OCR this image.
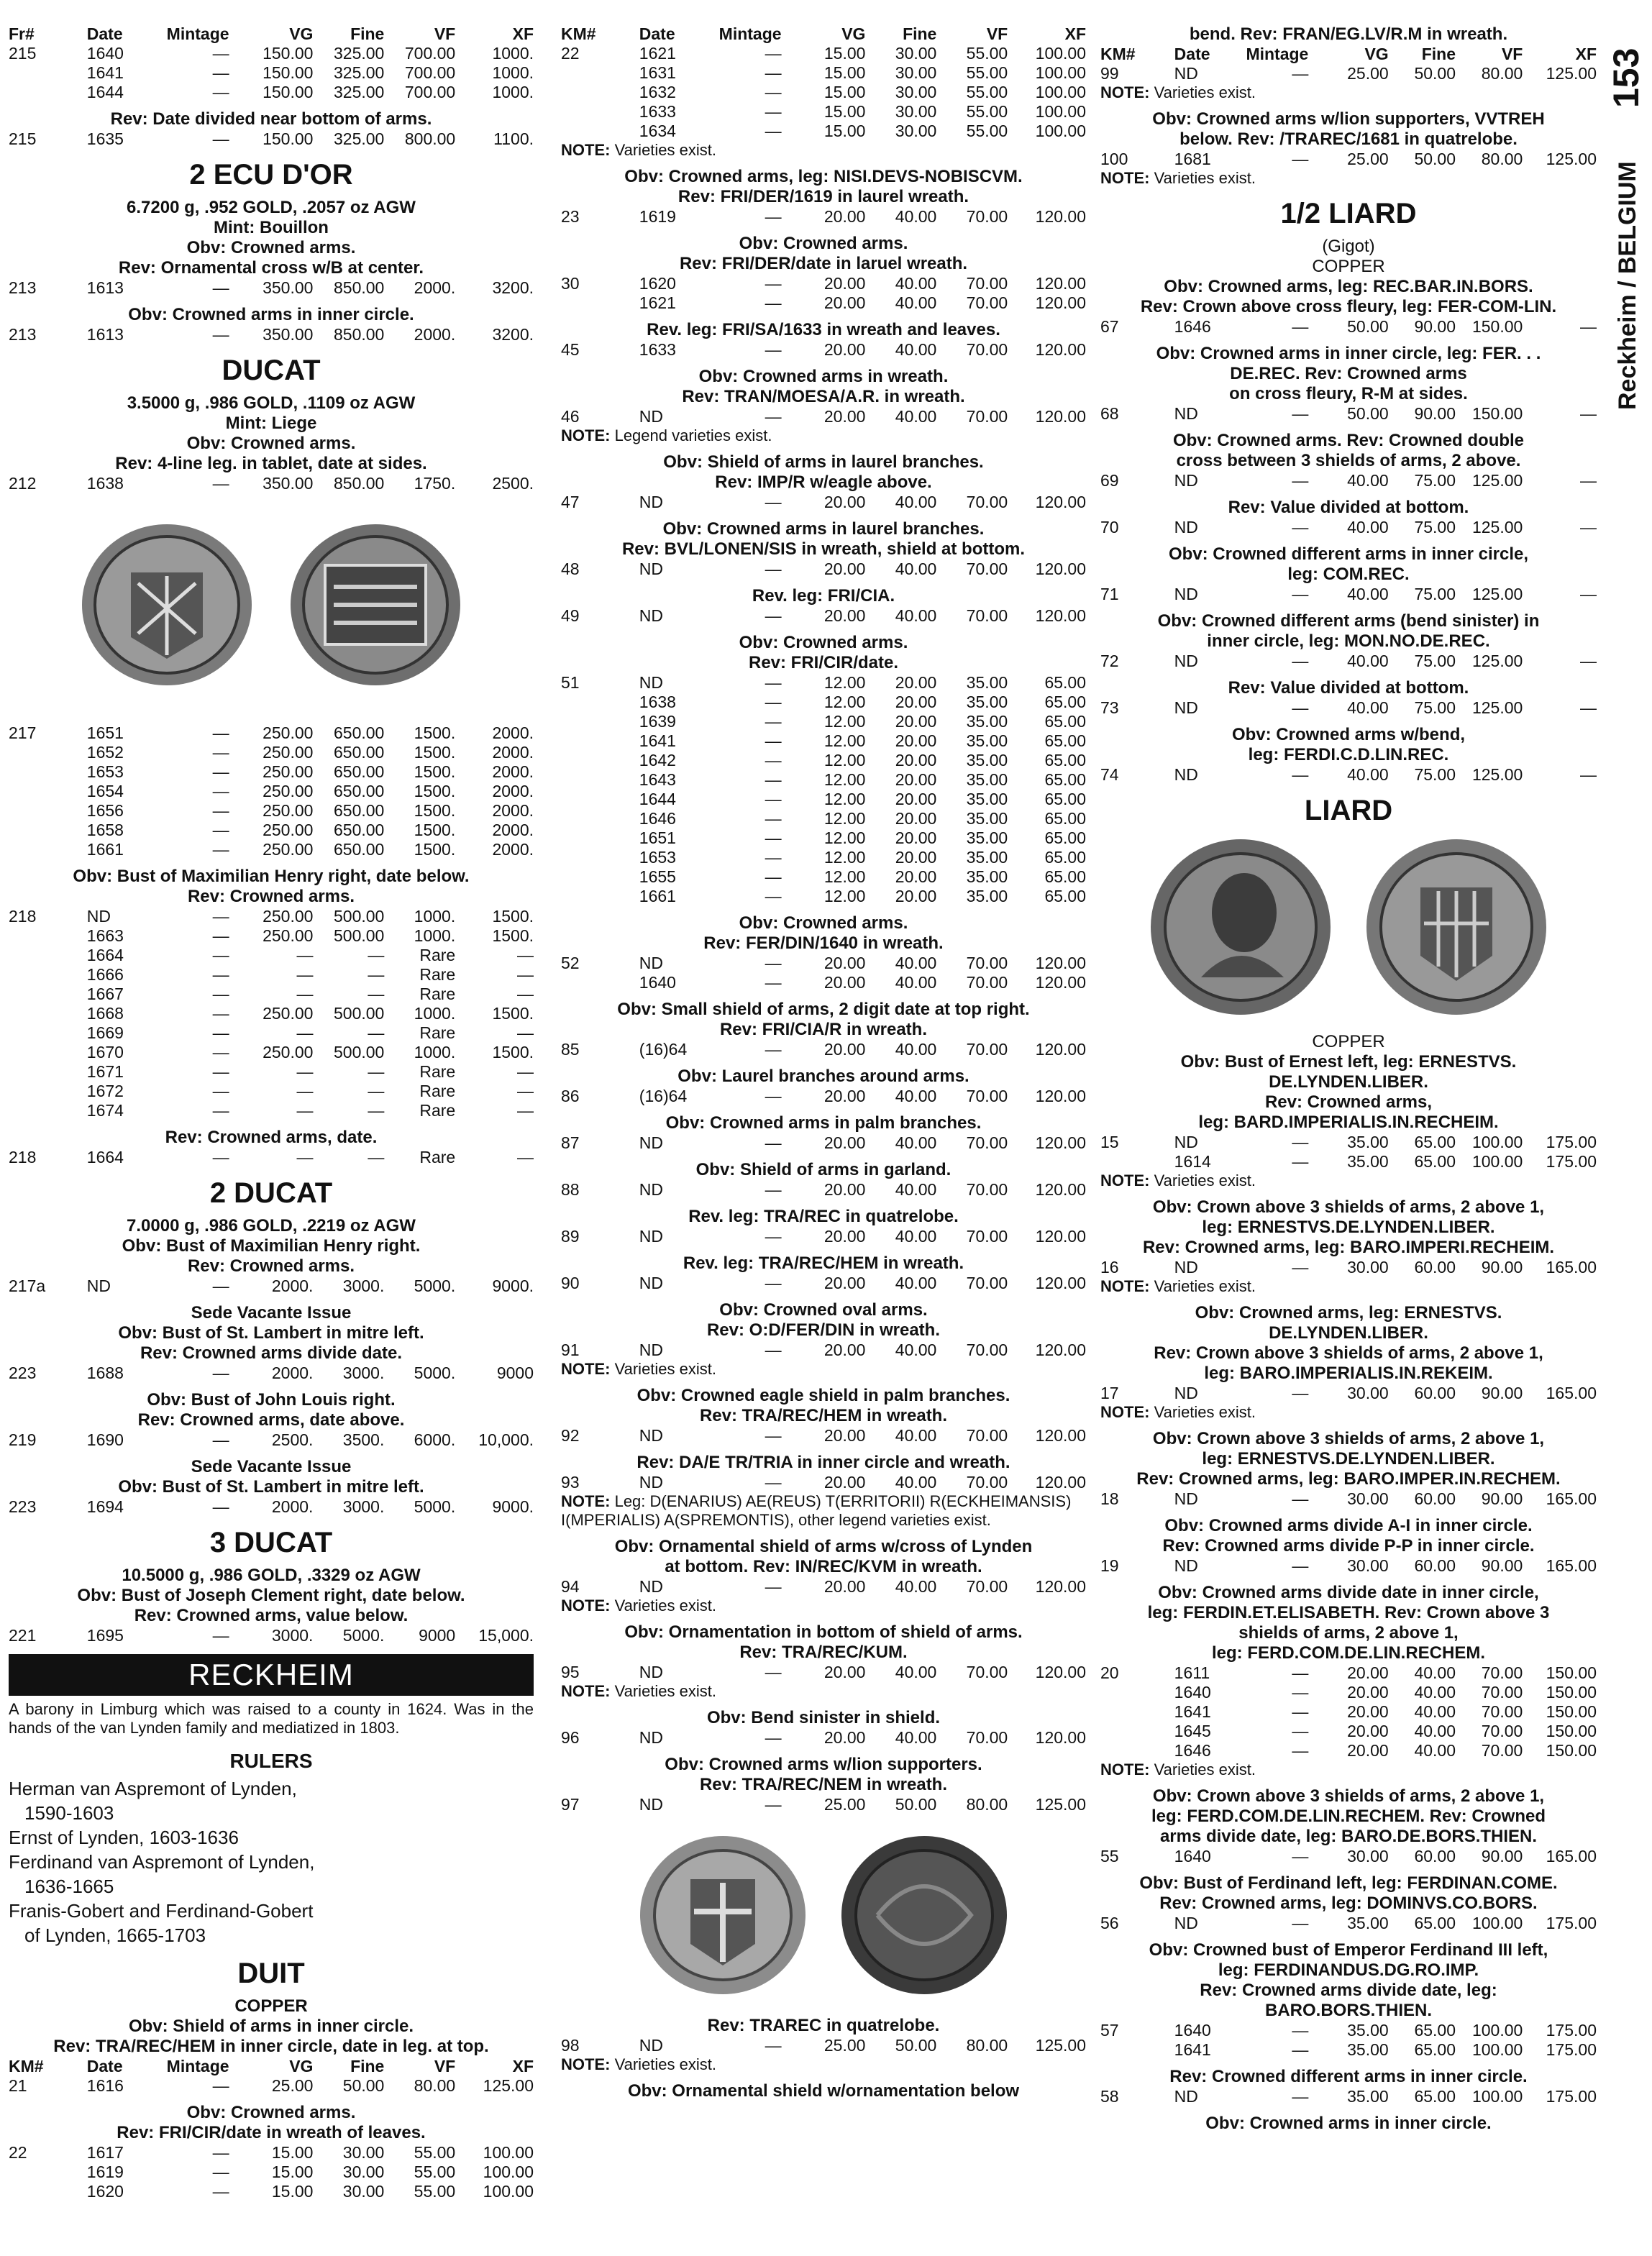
Reckheim / BELGIUM
153
Fr#	Date	Mintage	VG	Fine	VF	XF
215	1640	—	150.00	325.00	700.00	1000.
1641	—	150.00	325.00	700.00	1000.
1644	—	150.00	325.00	700.00	1000.
Rev: Date divided near bottom of arms.
215	1635	—	150.00	325.00	800.00	1100.
2 ECU D'OR
6.7200 g, .952 GOLD, .2057 oz AGW
Mint: Bouillon
Obv: Crowned arms.
Rev: Ornamental cross w/B at center.
213	1613	—	350.00	850.00	2000.	3200.
Obv: Crowned arms in inner circle.
213	1613	—	350.00	850.00	2000.	3200.
DUCAT
3.5000 g, .986 GOLD, .1109 oz AGW
Mint: Liege
Obv: Crowned arms.
Rev: 4-line leg. in tablet, date at sides.
212	1638	—	350.00	850.00	1750.	2500.
217	1651	—	250.00	650.00	1500.	2000.
1652	—	250.00	650.00	1500.	2000.
1653	—	250.00	650.00	1500.	2000.
1654	—	250.00	650.00	1500.	2000.
1656	—	250.00	650.00	1500.	2000.
1658	—	250.00	650.00	1500.	2000.
1661	—	250.00	650.00	1500.	2000.
Obv: Bust of Maximilian Henry right, date below.
Rev: Crowned arms.
218	ND	—	250.00	500.00	1000.	1500.
1663	—	250.00	500.00	1000.	1500.
1664	—	—	—	Rare	—
1666	—	—	—	Rare	—
1667	—	—	—	Rare	—
1668	—	250.00	500.00	1000.	1500.
1669	—	—	—	Rare	—
1670	—	250.00	500.00	1000.	1500.
1671	—	—	—	Rare	—
1672	—	—	—	Rare	—
1674	—	—	—	Rare	—
Rev: Crowned arms, date.
218	1664	—	—	—	Rare	—
2 DUCAT
7.0000 g, .986 GOLD, .2219 oz AGW
Obv: Bust of Maximilian Henry right.
Rev: Crowned arms.
217a	ND	—	2000.	3000.	5000.	9000.
Sede Vacante Issue
Obv: Bust of St. Lambert in mitre left.
Rev: Crowned arms divide date.
223	1688	—	2000.	3000.	5000.	9000
Obv: Bust of John Louis right.
Rev: Crowned arms, date above.
219	1690	—	2500.	3500.	6000.	10,000.
Sede Vacante Issue
Obv: Bust of St. Lambert in mitre left.
223	1694	—	2000.	3000.	5000.	9000.
3 DUCAT
10.5000 g, .986 GOLD, .3329 oz AGW
Obv: Bust of Joseph Clement right, date below.
Rev: Crowned arms, value below.
221	1695	—	3000.	5000.	9000	15,000.
RECKHEIM
A barony in Limburg which was raised to a county in 1624. Was in the hands of the van Lynden family and mediatized in 1803.
RULERS
Herman van Aspremont of Lynden,
1590-1603
Ernst of Lynden, 1603-1636
Ferdinand van Aspremont of Lynden,
1636-1665
Franis-Gobert and Ferdinand-Gobert
of Lynden, 1665-1703
DUIT
COPPER
Obv: Shield of arms in inner circle.
Rev: TRA/REC/HEM in inner circle, date in leg. at top.
KM#	Date	Mintage	VG	Fine	VF	XF
21	1616	—	25.00	50.00	80.00	125.00
Obv: Crowned arms.
Rev: FRI/CIR/date in wreath of leaves.
22	1617	—	15.00	30.00	55.00	100.00
1619	—	15.00	30.00	55.00	100.00
1620	—	15.00	30.00	55.00	100.00
KM#	Date	Mintage	VG	Fine	VF	XF
22	1621	—	15.00	30.00	55.00	100.00
1631	—	15.00	30.00	55.00	100.00
1632	—	15.00	30.00	55.00	100.00
1633	—	15.00	30.00	55.00	100.00
1634	—	15.00	30.00	55.00	100.00
NOTE: Varieties exist.
Obv: Crowned arms, leg: NISI.DEVS-NOBISCVM.
Rev: FRI/DER/1619 in laurel wreath.
23	1619	—	20.00	40.00	70.00	120.00
Obv: Crowned arms.
Rev: FRI/DER/date in laruel wreath.
30	1620	—	20.00	40.00	70.00	120.00
1621	—	20.00	40.00	70.00	120.00
Rev. leg: FRI/SA/1633 in wreath and leaves.
45	1633	—	20.00	40.00	70.00	120.00
Obv: Crowned arms in wreath.
Rev: TRAN/MOESA/A.R. in wreath.
46	ND	—	20.00	40.00	70.00	120.00
NOTE: Legend varieties exist.
Obv: Shield of arms in laurel branches.
Rev: IMP/R w/eagle above.
47	ND	—	20.00	40.00	70.00	120.00
Obv: Crowned arms in laurel branches.
Rev: BVL/LONEN/SIS in wreath, shield at bottom.
48	ND	—	20.00	40.00	70.00	120.00
Rev. leg: FRI/CIA.
49	ND	—	20.00	40.00	70.00	120.00
Obv: Crowned arms.
Rev: FRI/CIR/date.
51	ND	—	12.00	20.00	35.00	65.00
1638	—	12.00	20.00	35.00	65.00
1639	—	12.00	20.00	35.00	65.00
1641	—	12.00	20.00	35.00	65.00
1642	—	12.00	20.00	35.00	65.00
1643	—	12.00	20.00	35.00	65.00
1644	—	12.00	20.00	35.00	65.00
1646	—	12.00	20.00	35.00	65.00
1651	—	12.00	20.00	35.00	65.00
1653	—	12.00	20.00	35.00	65.00
1655	—	12.00	20.00	35.00	65.00
1661	—	12.00	20.00	35.00	65.00
Obv: Crowned arms.
Rev: FER/DIN/1640 in wreath.
52	ND	—	20.00	40.00	70.00	120.00
1640	—	20.00	40.00	70.00	120.00
Obv: Small shield of arms, 2 digit date at top right.
Rev: FRI/CIA/R in wreath.
85	(16)64	—	20.00	40.00	70.00	120.00
Obv: Laurel branches around arms.
86	(16)64	—	20.00	40.00	70.00	120.00
Obv: Crowned arms in palm branches.
87	ND	—	20.00	40.00	70.00	120.00
Obv: Shield of arms in garland.
88	ND	—	20.00	40.00	70.00	120.00
Rev. leg: TRA/REC in quatrelobe.
89	ND	—	20.00	40.00	70.00	120.00
Rev. leg: TRA/REC/HEM in wreath.
90	ND	—	20.00	40.00	70.00	120.00
Obv: Crowned oval arms.
Rev: O:D/FER/DIN in wreath.
91	ND	—	20.00	40.00	70.00	120.00
NOTE: Varieties exist.
Obv: Crowned eagle shield in palm branches.
Rev: TRA/REC/HEM in wreath.
92	ND	—	20.00	40.00	70.00	120.00
Rev: DA/E TR/TRIA in inner circle and wreath.
93	ND	—	20.00	40.00	70.00	120.00
NOTE: Leg: D(ENARIUS) AE(REUS) T(ERRITORII) R(ECKHEIMANSIS) I(MPERIALIS) A(SPREMONTIS), other legend varieties exist.
Obv: Ornamental shield of arms w/cross of Lynden
at bottom. Rev: IN/REC/KVM in wreath.
94	ND	—	20.00	40.00	70.00	120.00
NOTE: Varieties exist.
Obv: Ornamentation in bottom of shield of arms.
Rev: TRA/REC/KUM.
95	ND	—	20.00	40.00	70.00	120.00
NOTE: Varieties exist.
Obv: Bend sinister in shield.
96	ND	—	20.00	40.00	70.00	120.00
Obv: Crowned arms w/lion supporters.
Rev: TRA/REC/NEM in wreath.
97	ND	—	25.00	50.00	80.00	125.00
Rev: TRAREC in quatrelobe.
98	ND	—	25.00	50.00	80.00	125.00
NOTE: Varieties exist.
Obv: Ornamental shield w/ornamentation below
bend. Rev: FRAN/EG.LV/R.M in wreath.
KM#	Date	Mintage	VG	Fine	VF	XF
99	ND	—	25.00	50.00	80.00	125.00
NOTE: Varieties exist.
Obv: Crowned arms w/lion supporters, VVTREH
below. Rev: /TRAREC/1681 in quatrelobe.
100	1681	—	25.00	50.00	80.00	125.00
NOTE: Varieties exist.
1/2 LIARD
(Gigot)
COPPER
Obv: Crowned arms, leg: REC.BAR.IN.BORS.
Rev: Crown above cross fleury, leg: FER-COM-LIN.
67	1646	—	50.00	90.00 150.00	—
Obv: Crowned arms in inner circle, leg: FER. . .
DE.REC. Rev: Crowned arms
on cross fleury, R-M at sides.
68	ND	—	50.00	90.00 150.00	—
Obv: Crowned arms. Rev: Crowned double
cross between 3 shields of arms, 2 above.
69	ND	—	40.00	75.00 125.00	—
Rev: Value divided at bottom.
70	ND	—	40.00	75.00 125.00	—
Obv: Crowned different arms in inner circle,
leg: COM.REC.
71	ND	—	40.00	75.00 125.00	—
Obv: Crowned different arms (bend sinister) in
inner circle, leg: MON.NO.DE.REC.
72	ND	—	40.00	75.00 125.00	—
Rev: Value divided at bottom.
73	ND	—	40.00	75.00 125.00	—
Obv: Crowned arms w/bend,
leg: FERDI.C.D.LIN.REC.
74	ND	—	40.00	75.00 125.00	—
LIARD
COPPER
Obv: Bust of Ernest left, leg: ERNESTVS.
DE.LYNDEN.LIBER.
Rev: Crowned arms,
leg: BARD.IMPERIALIS.IN.RECHEIM.
15	ND	—	35.00	65.00 100.00	175.00
1614	—	35.00	65.00 100.00	175.00
NOTE: Varieties exist.
Obv: Crown above 3 shields of arms, 2 above 1,
leg: ERNESTVS.DE.LYNDEN.LIBER.
Rev: Crowned arms, leg: BARO.IMPERI.RECHEIM.
16	ND	—	30.00	60.00	90.00	165.00
NOTE: Varieties exist.
Obv: Crowned arms, leg: ERNESTVS.
DE.LYNDEN.LIBER.
Rev: Crown above 3 shields of arms, 2 above 1,
leg: BARO.IMPERIALIS.IN.REKEIM.
17	ND	—	30.00	60.00	90.00	165.00
NOTE: Varieties exist.
Obv: Crown above 3 shields of arms, 2 above 1,
leg: ERNESTVS.DE.LYNDEN.LIBER.
Rev: Crowned arms, leg: BARO.IMPER.IN.RECHEM.
18	ND	—	30.00	60.00	90.00	165.00
Obv: Crowned arms divide A-I in inner circle.
Rev: Crowned arms divide P-P in inner circle.
19	ND	—	30.00	60.00	90.00	165.00
Obv: Crowned arms divide date in inner circle,
leg: FERDIN.ET.ELISABETH. Rev: Crown above 3
shields of arms, 2 above 1,
leg: FERD.COM.DE.LIN.RECHEM.
20	1611	—	20.00	40.00	70.00	150.00
1640	—	20.00	40.00	70.00	150.00
1641	—	20.00	40.00	70.00	150.00
1645	—	20.00	40.00	70.00	150.00
1646	—	20.00	40.00	70.00	150.00
NOTE: Varieties exist.
Obv: Crown above 3 shields of arms, 2 above 1,
leg: FERD.COM.DE.LIN.RECHEM. Rev: Crowned
arms divide date, leg: BARO.DE.BORS.THIEN.
55	1640	—	30.00	60.00	90.00	165.00
Obv: Bust of Ferdinand left, leg: FERDINAN.COME.
Rev: Crowned arms, leg: DOMINVS.CO.BORS.
56	ND	—	35.00	65.00 100.00	175.00
Obv: Crowned bust of Emperor Ferdinand III left,
leg: FERDINANDUS.DG.RO.IMP.
Rev: Crowned arms divide date, leg:
BARO.BORS.THIEN.
57	1640	—	35.00	65.00 100.00	175.00
1641	—	35.00	65.00 100.00	175.00
Rev: Crowned different arms in inner circle.
58	ND	—	35.00	65.00 100.00	175.00
Obv: Crowned arms in inner circle.
